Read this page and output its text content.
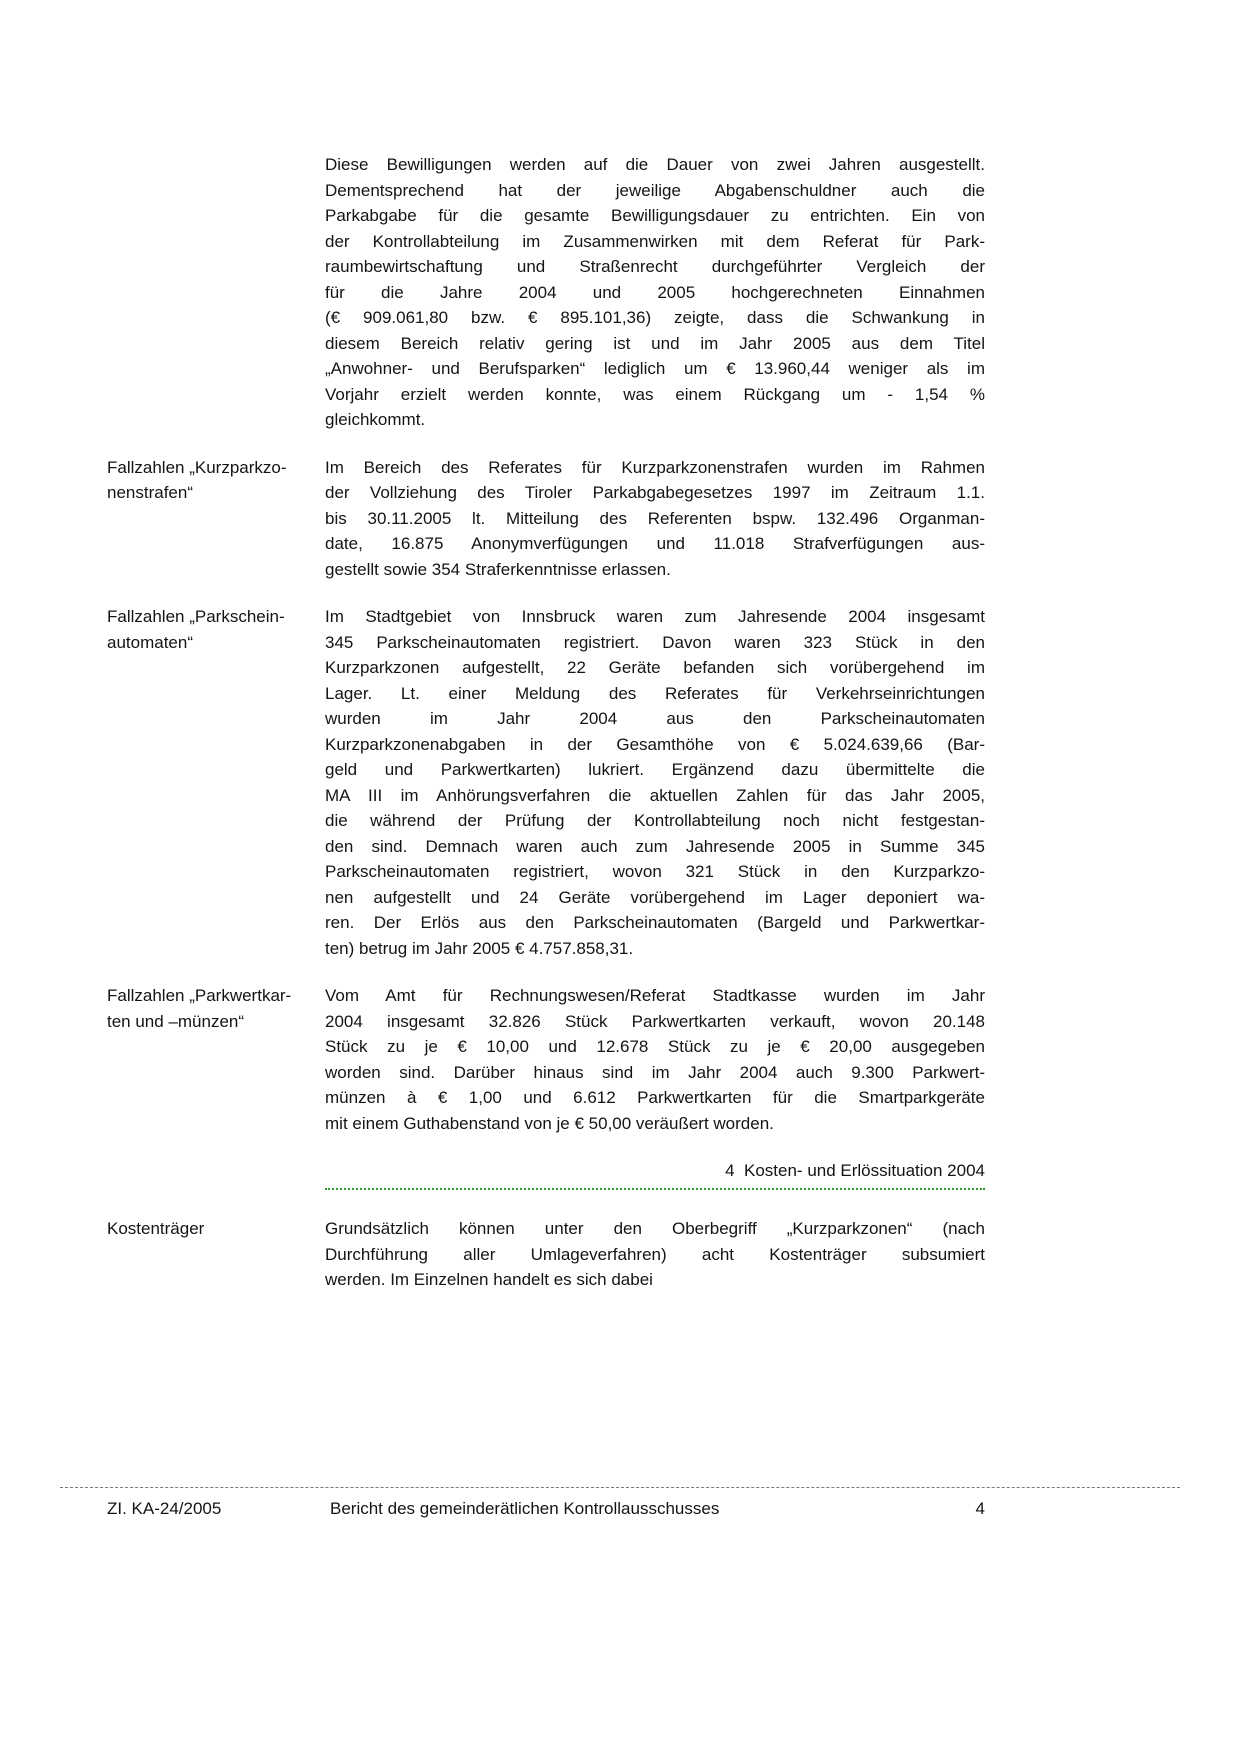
Diese Bewilligungen werden auf die Dauer von zwei Jahren ausgestellt.
Dementsprechend hat der jeweilige Abgabenschuldner auch die
Parkabgabe für die gesamte Bewilligungsdauer zu entrichten. Ein von
der Kontrollabteilung im Zusammenwirken mit dem Referat für Park-
raumbewirtschaftung und Straßenrecht durchgeführter Vergleich der
für die Jahre 2004 und 2005 hochgerechneten Einnahmen
(€ 909.061,80 bzw. € 895.101,36) zeigte, dass die Schwankung in
diesem Bereich relativ gering ist und im Jahr 2005 aus dem Titel
„Anwohner- und Berufsparken“ lediglich um € 13.960,44 weniger als im
Vorjahr erzielt werden konnte, was einem Rückgang um - 1,54 %
gleichkommt.
Fallzahlen „Kurzparkzo-
nenstrafen“
Im Bereich des Referates für Kurzparkzonenstrafen wurden im Rahmen
der Vollziehung des Tiroler Parkabgabegesetzes 1997 im Zeitraum 1.1.
bis 30.11.2005 lt. Mitteilung des Referenten bspw. 132.496 Organman-
date, 16.875 Anonymverfügungen und 11.018 Strafverfügungen aus-
gestellt sowie 354 Straferkenntnisse erlassen.
Fallzahlen „Parkschein-
automaten“
Im Stadtgebiet von Innsbruck waren zum Jahresende 2004 insgesamt
345 Parkscheinautomaten registriert. Davon waren 323 Stück in den
Kurzparkzonen aufgestellt, 22 Geräte befanden sich vorübergehend im
Lager. Lt. einer Meldung des Referates für Verkehrseinrichtungen
wurden im Jahr 2004 aus den Parkscheinautomaten
Kurzparkzonenabgaben in der Gesamthöhe von € 5.024.639,66 (Bar-
geld und Parkwertkarten) lukriert. Ergänzend dazu übermittelte die
MA III im Anhörungsverfahren die aktuellen Zahlen für das Jahr 2005,
die während der Prüfung der Kontrollabteilung noch nicht festgestan-
den sind. Demnach waren auch zum Jahresende 2005 in Summe 345
Parkscheinautomaten registriert, wovon 321 Stück in den Kurzparkzo-
nen aufgestellt und 24 Geräte vorübergehend im Lager deponiert wa-
ren. Der Erlös aus den Parkscheinautomaten (Bargeld und Parkwertkar-
ten) betrug im Jahr 2005 € 4.757.858,31.
Fallzahlen „Parkwertkar-
ten und –münzen“
Vom Amt für Rechnungswesen/Referat Stadtkasse wurden im Jahr
2004 insgesamt 32.826 Stück Parkwertkarten verkauft, wovon 20.148
Stück zu je € 10,00 und 12.678 Stück zu je € 20,00 ausgegeben
worden sind. Darüber hinaus sind im Jahr 2004 auch 9.300 Parkwert-
münzen à € 1,00 und 6.612 Parkwertkarten für die Smartparkgeräte
mit einem Guthabenstand von je € 50,00 veräußert worden.
4  Kosten- und Erlössituation 2004
Kostenträger	Grundsätzlich können unter den Oberbegriff „Kurzparkzonen“ (nach
Durchführung aller Umlageverfahren) acht Kostenträger subsumiert
werden. Im Einzelnen handelt es sich dabei
ZI. KA-24/2005	Bericht des gemeinderätlichen Kontrollausschusses	4
